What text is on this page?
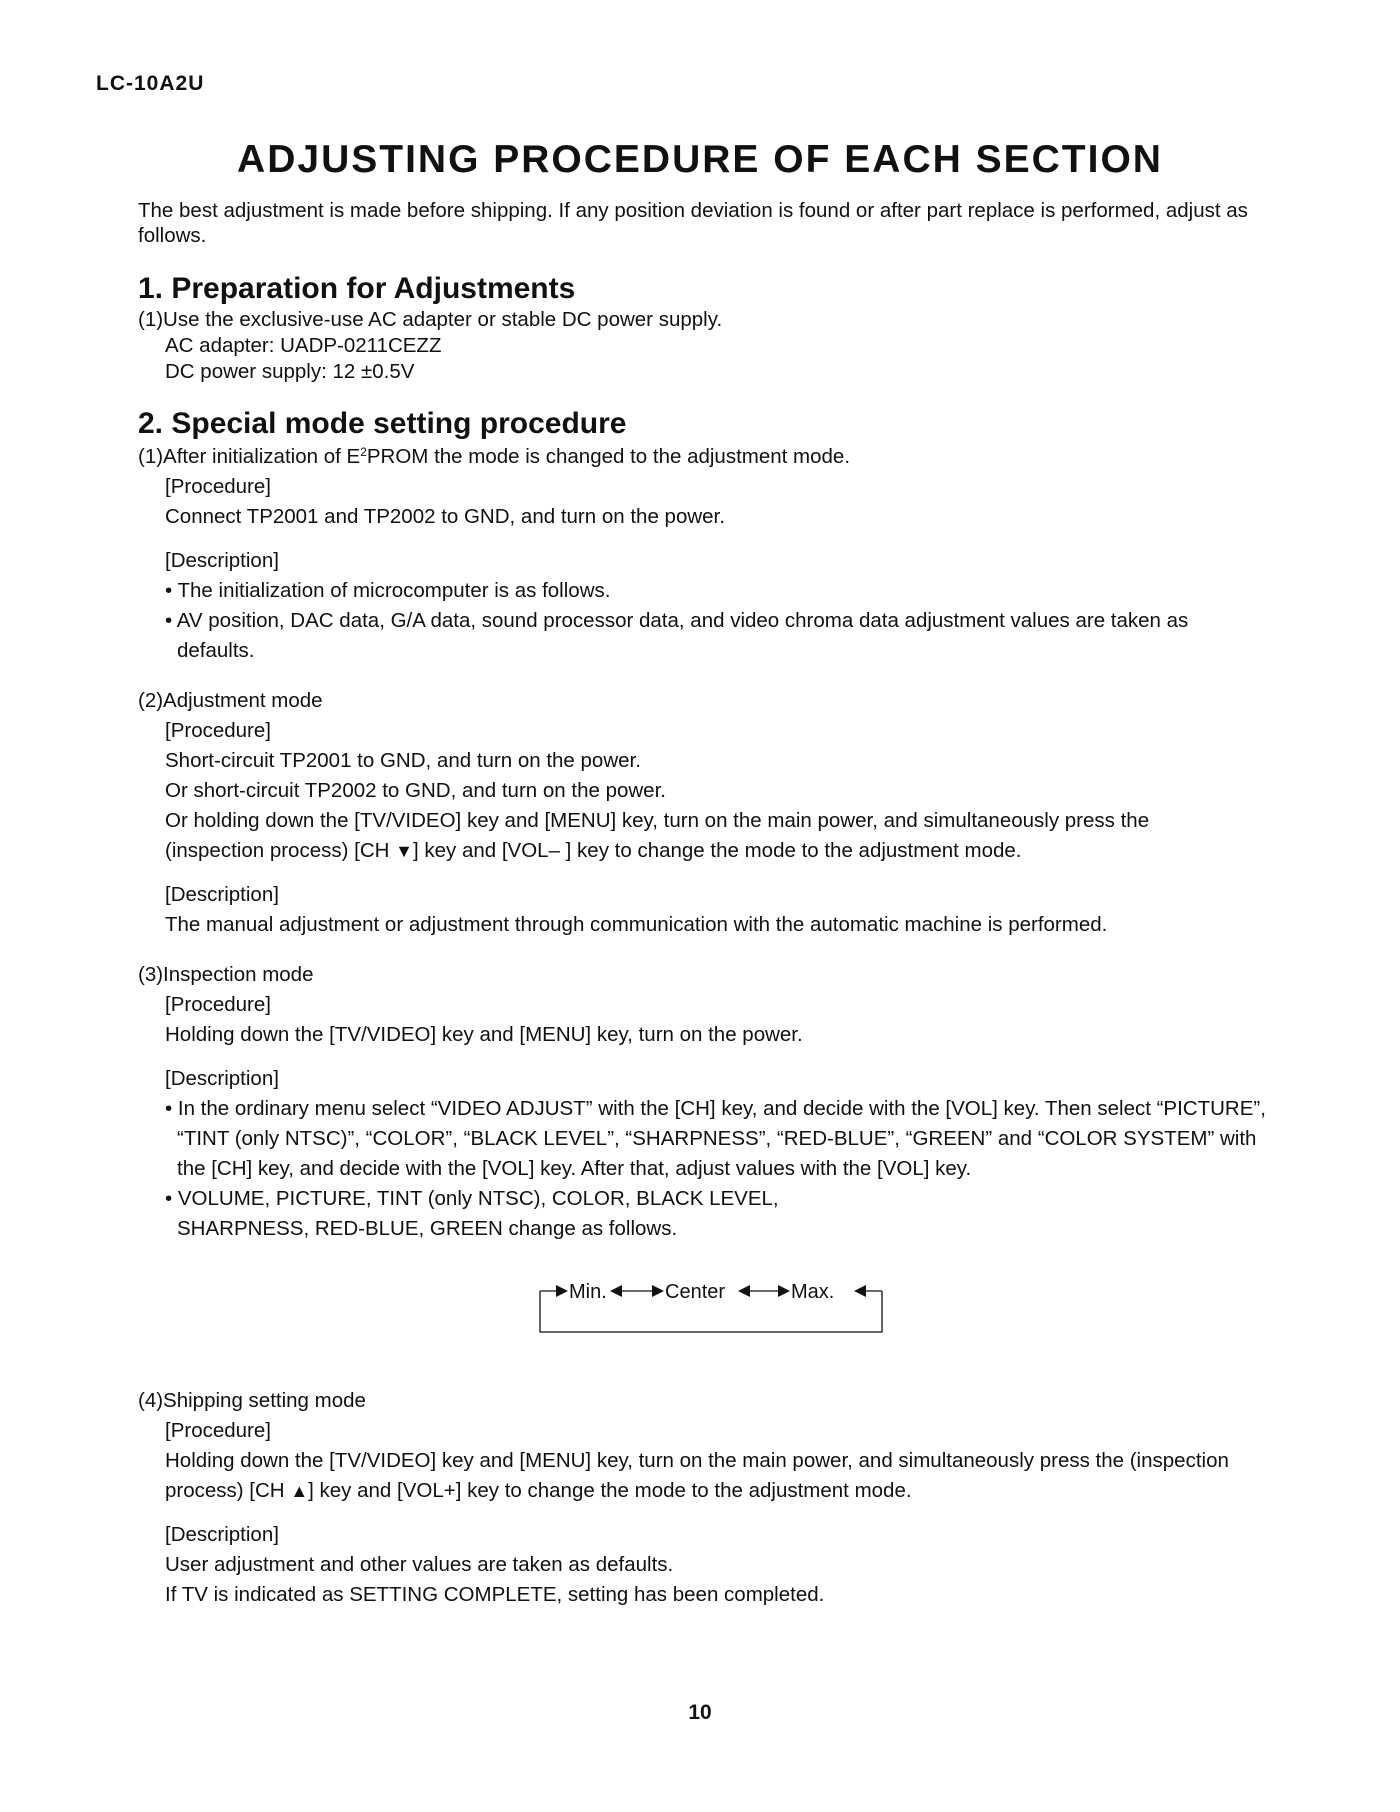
LC-10A2U
ADJUSTING PROCEDURE OF EACH SECTION

The best adjustment is made before shipping. If any position deviation is found or after part replace is performed, adjust as follows.

1. Preparation for Adjustments

(1)Use the exclusive-use AC adapter or stable DC power supply.

AC adapter: UADP-0211CEZZ

DC power supply: 12 ±0.5V

2. Special mode setting procedure

(1)After initialization of $E^2PROM$ the mode is changed to the adjustment mode.

[Procedure]

Connect TP2001 and TP2002 to GND, and turn on the power.

[Description]

• The initialization of microcomputer is as follows.
• AV position, DAC data, G/A data, sound processor data, and video chroma data adjustment values are taken as defaults.

(2)Adjustment mode

[Procedure]

Short-circuit TP2001 to GND, and turn on the power.

Or short-circuit TP2002 to GND, and turn on the power.

Or holding down the [TV/VIDEO] key and [MENU] key, turn on the main power, and simultaneously press the

(inspection process) [CH ▼] key and [VOL– ] key to change the mode to the adjustment mode.

[Description]

The manual adjustment or adjustment through communication with the automatic machine is performed.

(3)Inspection mode

[Procedure]

Holding down the [TV/VIDEO] key and [MENU] key, turn on the power.

[Description]

• In the ordinary menu select “VIDEO ADJUST” with the [CH] key, and decide with the [VOL] key. Then select “PICTURE”, “TINT (only NTSC)”, “COLOR”, “BLACK LEVEL”, “SHARPNESS”, “RED-BLUE”, “GREEN” and “COLOR SYSTEM” with the [CH] key, and decide with the [VOL] key. After that, adjust values with the [VOL] key.
• VOLUME, PICTURE, TINT (only NTSC), COLOR, BLACK LEVEL, SHARPNESS, RED-BLUE, GREEN change as follows.
Min.	Center	Max.

(4)Shipping setting mode

[Procedure]

Holding down the [TV/VIDEO] key and [MENU] key, turn on the main power, and simultaneously press the (inspection

process) [CH ▲] key and [VOL+] key to change the mode to the adjustment mode.

[Description]

User adjustment and other values are taken as defaults.

If TV is indicated as SETTING COMPLETE, setting has been completed.

10
